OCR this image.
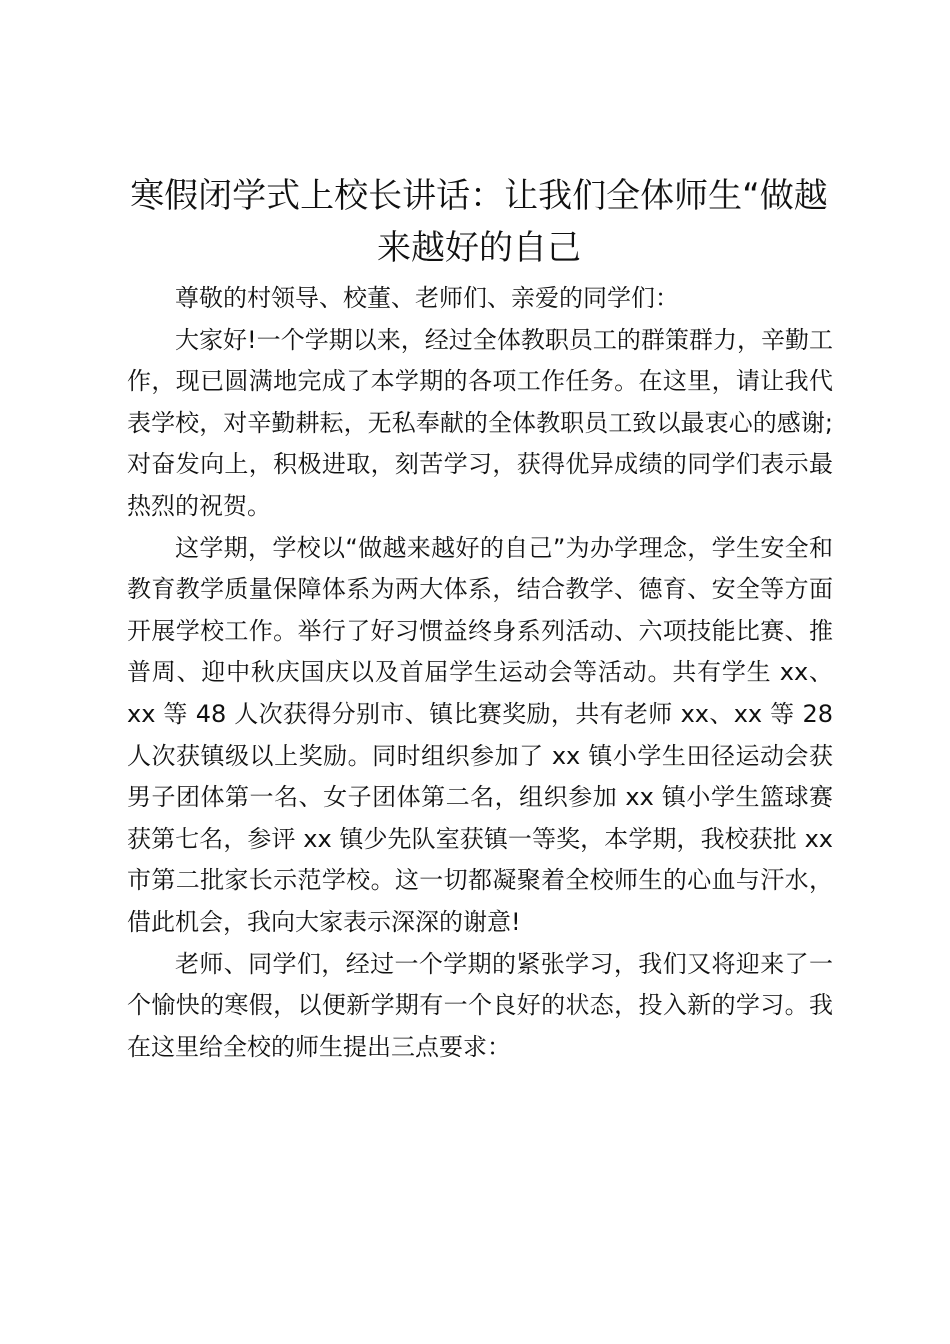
寒假闭学式上校长讲话：让我们全体师生“做越来越好的自己

尊敬的村领导、校董、老师们、亲爱的同学们：

大家好!一个学期以来，经过全体教职员工的群策群力，辛勤工作，现已圆满地完成了本学期的各项工作任务。在这里，请让我代表学校，对辛勤耕耘，无私奉献的全体教职员工致以最衷心的感谢;对奋发向上，积极进取，刻苦学习，获得优异成绩的同学们表示最热烈的祝贺。

这学期，学校以“做越来越好的自己”为办学理念，学生安全和教育教学质量保障体系为两大体系，结合教学、德育、安全等方面开展学校工作。举行了好习惯益终身系列活动、六项技能比赛、推普周、迎中秋庆国庆以及首届学生运动会等活动。共有学生 xx、xx 等 48 人次获得分别市、镇比赛奖励，共有老师 xx、xx 等 28 人次获镇级以上奖励。同时组织参加了 xx 镇小学生田径运动会获男子团体第一名、女子团体第二名，组织参加 xx 镇小学生篮球赛获第七名，参评 xx 镇少先队室获镇一等奖，本学期，我校获批 xx 市第二批家长示范学校。这一切都凝聚着全校师生的心血与汗水，借此机会，我向大家表示深深的谢意!

老师、同学们，经过一个学期的紧张学习，我们又将迎来了一个愉快的寒假，以便新学期有一个良好的状态，投入新的学习。我在这里给全校的师生提出三点要求：
